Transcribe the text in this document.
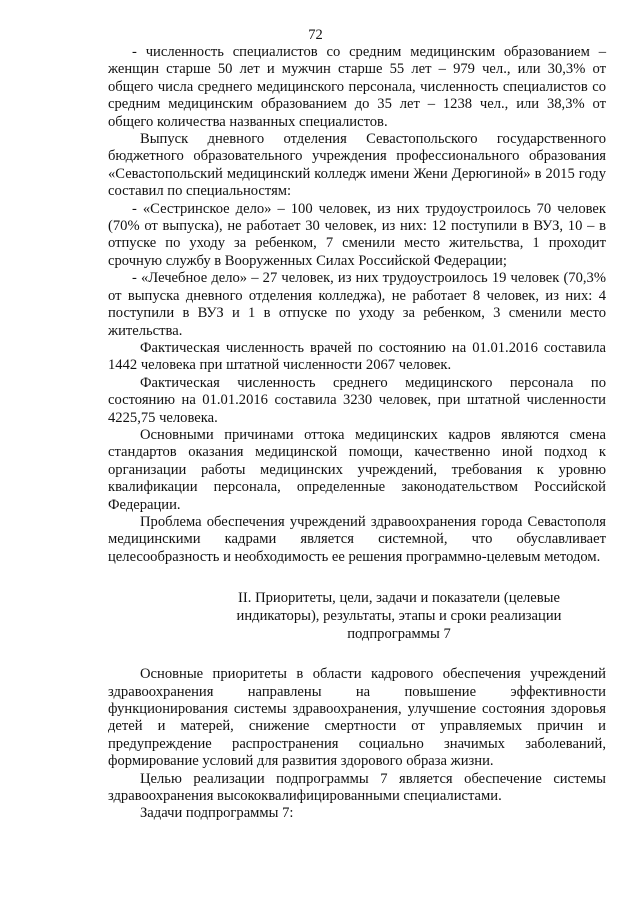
72

- численность специалистов со средним медицинским образованием – женщин старше 50 лет и мужчин старше 55 лет – 979 чел., или 30,3% от общего числа среднего медицинского персонала, численность специалистов со средним медицинским образованием до 35 лет – 1238 чел., или 38,3% от общего количества названных специалистов.

Выпуск дневного отделения Севастопольского государственного бюджетного образовательного учреждения профессионального образования «Севастопольский медицинский колледж имени Жени Дерюгиной» в 2015 году составил по специальностям:

- «Сестринское дело» – 100 человек, из них трудоустроилось 70 человек (70% от выпуска), не работает 30 человек, из них: 12 поступили в ВУЗ, 10 – в отпуске по уходу за ребенком, 7 сменили место жительства, 1 проходит срочную службу в Вооруженных Силах Российской Федерации;

- «Лечебное дело» – 27 человек, из них трудоустроилось 19 человек (70,3% от выпуска дневного отделения колледжа), не работает 8 человек, из них: 4 поступили в ВУЗ и 1 в отпуске по уходу за ребенком, 3 сменили место жительства.

Фактическая численность врачей по состоянию на 01.01.2016 составила 1442 человека при штатной численности 2067 человек.

Фактическая численность среднего медицинского персонала по состоянию на 01.01.2016 составила 3230 человек, при штатной численности 4225,75 человека.

Основными причинами оттока медицинских кадров являются смена стандартов оказания медицинской помощи, качественно иной подход к организации работы медицинских учреждений, требования к уровню квалификации персонала, определенные законодательством Российской Федерации.

Проблема обеспечения учреждений здравоохранения города Севастополя медицинскими кадрами является системной, что обуславливает целесообразность и необходимость ее решения программно-целевым методом.

II. Приоритеты, цели, задачи и показатели (целевые
индикаторы), результаты, этапы и сроки реализации
подпрограммы 7

Основные приоритеты в области кадрового обеспечения учреждений здравоохранения направлены на повышение эффективности функционирования системы здравоохранения, улучшение состояния здоровья детей и матерей, снижение смертности от управляемых причин и предупреждение распространения социально значимых заболеваний, формирование условий для развития здорового образа жизни.

Целью реализации подпрограммы 7 является обеспечение системы здравоохранения высококвалифицированными специалистами.

Задачи подпрограммы 7:
